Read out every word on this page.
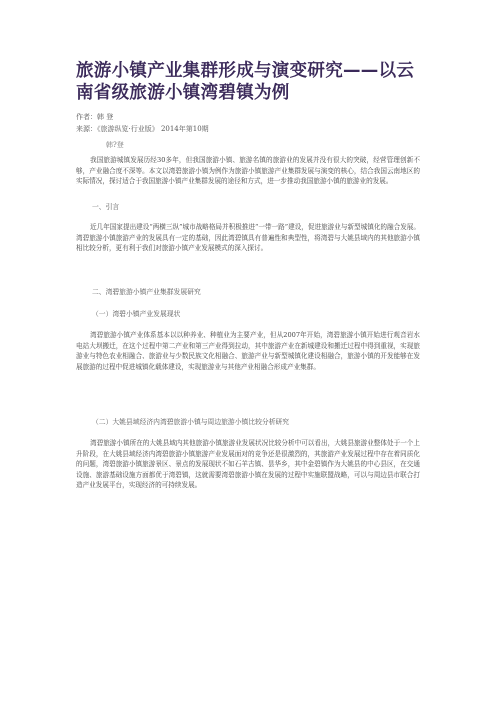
旅游小镇产业集群形成与演变研究——以云南省级旅游小镇湾碧镇为例
作者：韩 登
来源：《旅游纵览·行业版》 2014年第10期
韩?登

我国旅游城镇发展历经30多年，但我国旅游小镇、旅游名镇的旅游业的发展并没有很大的突破，经营管理创新不够，产业融合度不深等。本文以湾碧旅游小镇为例作为旅游小镇旅游产业集群发展与演变的核心，结合我国云南地区的实际情况，探讨适合于我国旅游小镇产业集群发展的途径和方式，进一步推动我国旅游小镇的旅游业的发展。

一、引言

近几年国家提出建设“两横三纵”城市战略格局并积极推进“一带一路”建设，促进旅游业与新型城镇化的融合发展。湾碧旅游小镇旅游产业的发展具有一定的基础，因此湾碧镇具有普遍性和典型性，将湾碧与大姚县域内的其他旅游小镇相比较分析，更有利于我们对旅游小镇产业发展模式的深入探讨。

二、湾碧旅游小镇产业集群发展研究
（一）湾碧小镇产业发展现状

湾碧旅游小镇产业体系基本以以种养业、种植业为主要产业，但从2007年开始，湾碧旅游小镇开始进行观音岩水电站大坝搬迁，在这个过程中第二产业和第三产业得到拉动，其中旅游产业在新城建设和搬迁过程中得到重视，实现旅游业与特色农业相融合、旅游业与少数民族文化相融合、旅游产业与新型城镇化建设相融合，旅游小镇的开发能够在发展旅游的过程中促进城镇化载体建设，实现旅游业与其他产业相融合形成产业集群。

（二）大姚县域经济内湾碧旅游小镇与周边旅游小镇比较分析研究

湾碧旅游小镇所在的大姚县域内其他旅游小镇旅游业发展状况比较分析中可以看出，大姚县旅游业整体处于一个上升阶段，在大姚县域经济内湾碧旅游小镇旅游产业发展面对的竞争还是很激烈的，其旅游产业发展过程中存在着同质化的问题，湾碧旅游小镇旅游景区、景点的发展现状不如石羊古镇、昙华乡，其中金碧镇作为大姚县的中心县区，在交通设施、旅游基础设施方面都优于湾碧镇，这就需要湾碧旅游小镇在发展的过程中实施联盟战略，可以与周边县市联合打造产业发展平台，实现经济的可持续发展。
